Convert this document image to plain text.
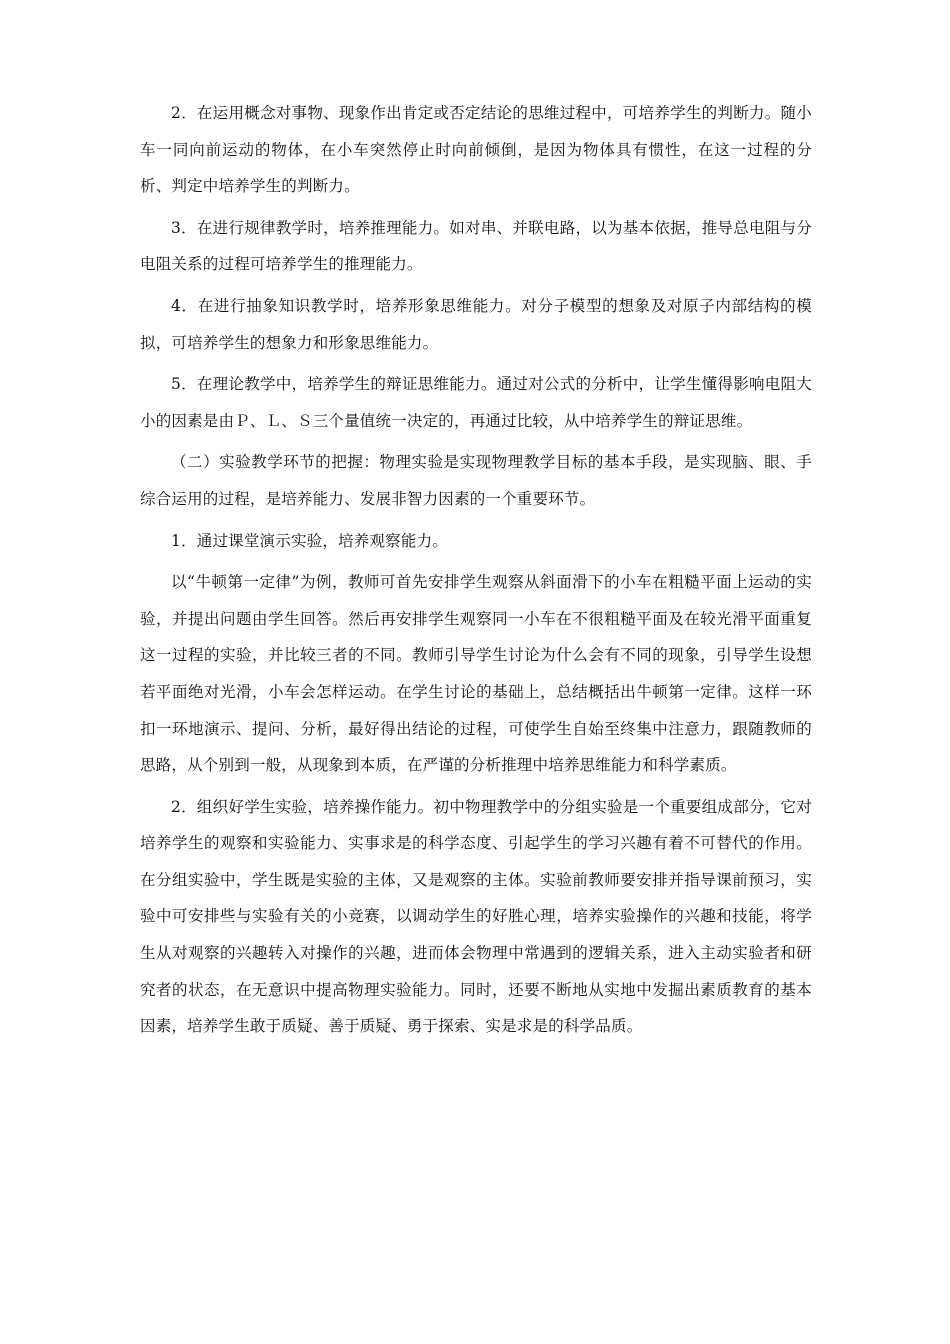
2．在运用概念对事物、现象作出肯定或否定结论的思维过程中，可培养学生的判断力。随小车一同向前运动的物体，在小车突然停止时向前倾倒，是因为物体具有惯性，在这一过程的分析、判定中培养学生的判断力。

3．在进行规律教学时，培养推理能力。如对串、并联电路，以为基本依据，推导总电阻与分电阻关系的过程可培养学生的推理能力。

4．在进行抽象知识教学时，培养形象思维能力。对分子模型的想象及对原子内部结构的模拟，可培养学生的想象力和形象思维能力。

5．在理论教学中，培养学生的辩证思维能力。通过对公式的分析中，让学生懂得影响电阻大小的因素是由Ｐ、Ｌ、Ｓ三个量值统一决定的，再通过比较，从中培养学生的辩证思维。

（二）实验教学环节的把握：物理实验是实现物理教学目标的基本手段，是实现脑、眼、手综合运用的过程，是培养能力、发展非智力因素的一个重要环节。

1．通过课堂演示实验，培养观察能力。

以“牛顿第一定律”为例，教师可首先安排学生观察从斜面滑下的小车在粗糙平面上运动的实验，并提出问题由学生回答。然后再安排学生观察同一小车在不很粗糙平面及在较光滑平面重复这一过程的实验，并比较三者的不同。教师引导学生讨论为什么会有不同的现象，引导学生设想若平面绝对光滑，小车会怎样运动。在学生讨论的基础上，总结概括出牛顿第一定律。这样一环扣一环地演示、提问、分析，最好得出结论的过程，可使学生自始至终集中注意力，跟随教师的思路，从个别到一般，从现象到本质，在严谨的分析推理中培养思维能力和科学素质。

2．组织好学生实验，培养操作能力。初中物理教学中的分组实验是一个重要组成部分，它对培养学生的观察和实验能力、实事求是的科学态度、引起学生的学习兴趣有着不可替代的作用。在分组实验中，学生既是实验的主体，又是观察的主体。实验前教师要安排并指导课前预习，实验中可安排些与实验有关的小竞赛，以调动学生的好胜心理，培养实验操作的兴趣和技能，将学生从对观察的兴趣转入对操作的兴趣，进而体会物理中常遇到的逻辑关系，进入主动实验者和研究者的状态，在无意识中提高物理实验能力。同时，还要不断地从实地中发掘出素质教育的基本因素，培养学生敢于质疑、善于质疑、勇于探索、实是求是的科学品质。
